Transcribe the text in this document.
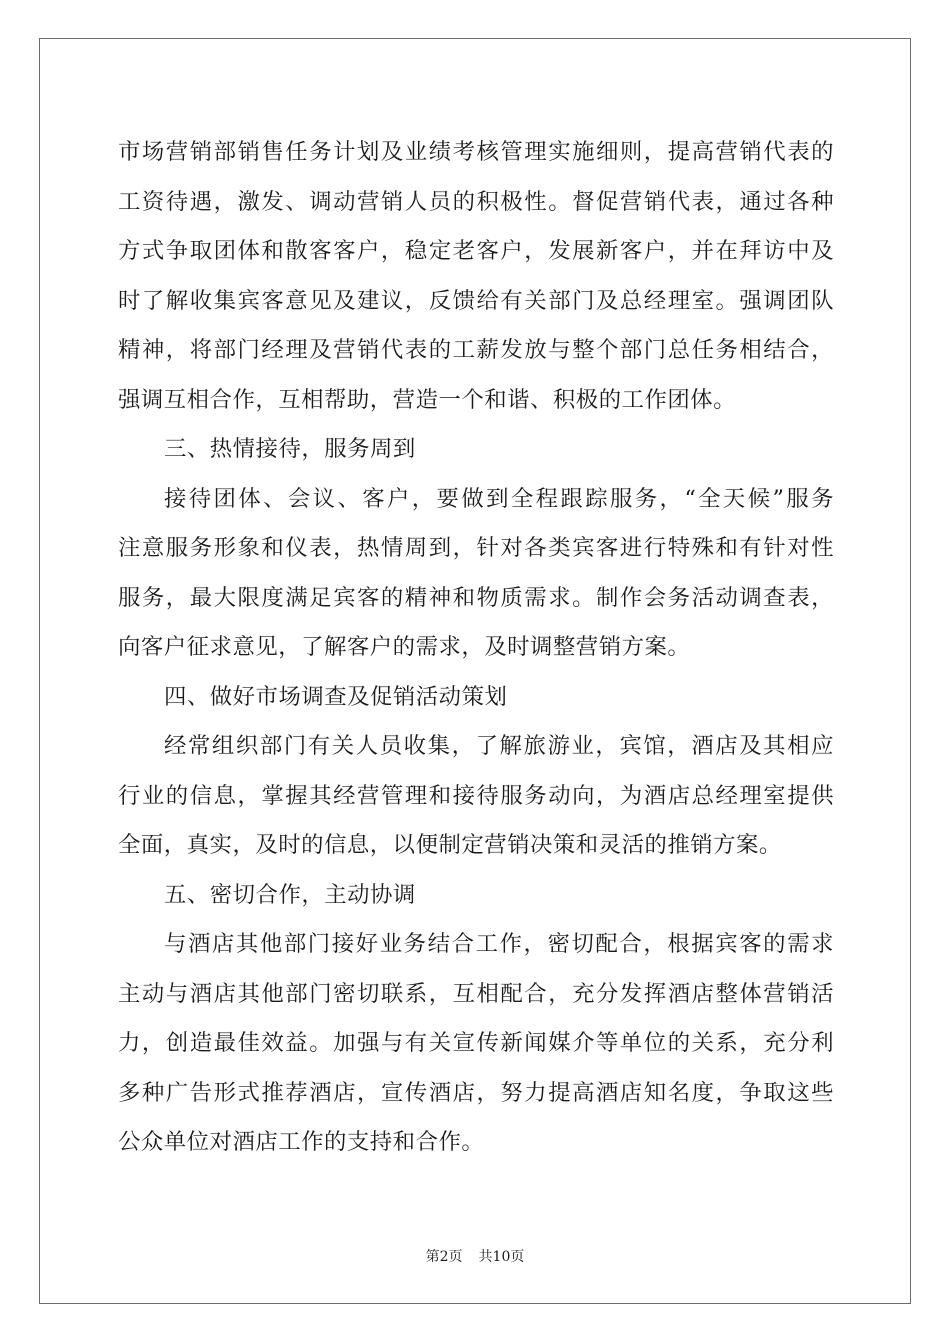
市场营销部销售任务计划及业绩考核管理实施细则，提高营销代表的
工资待遇，激发、调动营销人员的积极性。督促营销代表，通过各种
方式争取团体和散客客户，稳定老客户，发展新客户，并在拜访中及
时了解收集宾客意见及建议，反馈给有关部门及总经理室。强调团队
精神，将部门经理及营销代表的工薪发放与整个部门总任务相结合，
强调互相合作，互相帮助，营造一个和谐、积极的工作团体。
三、热情接待，服务周到
接待团体、会议、客户，要做到全程跟踪服务，“全天候”服务
注意服务形象和仪表，热情周到，针对各类宾客进行特殊和有针对性
服务，最大限度满足宾客的精神和物质需求。制作会务活动调查表，
向客户征求意见，了解客户的需求，及时调整营销方案。
四、做好市场调查及促销活动策划
经常组织部门有关人员收集，了解旅游业，宾馆，酒店及其相应
行业的信息，掌握其经营管理和接待服务动向，为酒店总经理室提供
全面，真实，及时的信息，以便制定营销决策和灵活的推销方案。
五、密切合作，主动协调
与酒店其他部门接好业务结合工作，密切配合，根据宾客的需求
主动与酒店其他部门密切联系，互相配合，充分发挥酒店整体营销活
力，创造最佳效益。加强与有关宣传新闻媒介等单位的关系，充分利
多种广告形式推荐酒店，宣传酒店，努力提高酒店知名度，争取这些
公众单位对酒店工作的支持和合作。
第2页 共10页
